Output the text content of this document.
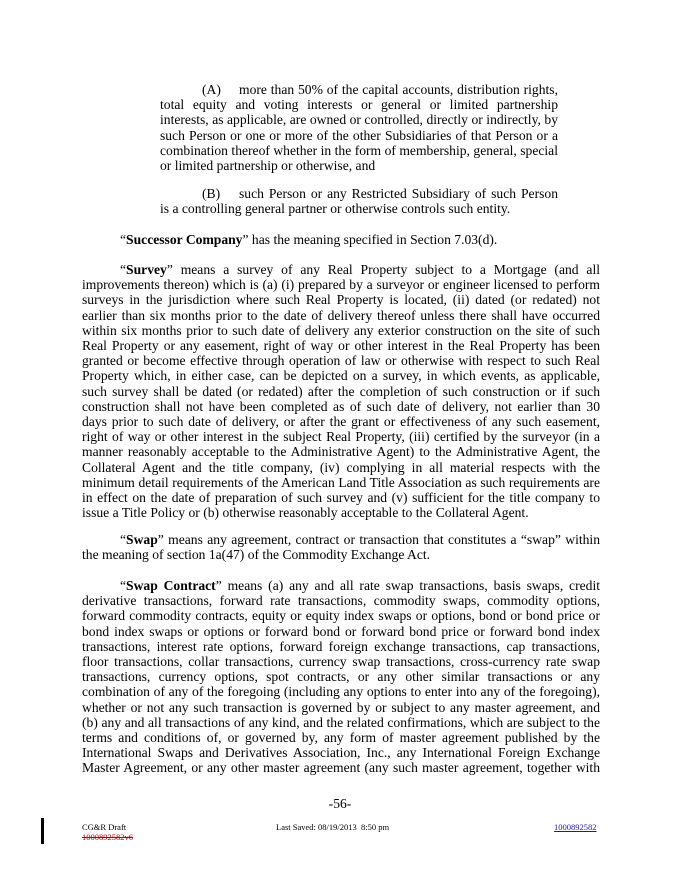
(A) more than 50% of the capital accounts, distribution rights,
total equity and voting interests or general or limited partnership
interests, as applicable, are owned or controlled, directly or indirectly, by
such Person or one or more of the other Subsidiaries of that Person or a
combination thereof whether in the form of membership, general, special
or limited partnership or otherwise, and
(B) such Person or any Restricted Subsidiary of such Person
is a controlling general partner or otherwise controls such entity.
“Successor Company” has the meaning specified in Section 7.03(d).
“Survey” means a survey of any Real Property subject to a Mortgage (and all
improvements thereon) which is (a) (i) prepared by a surveyor or engineer licensed to perform
surveys in the jurisdiction where such Real Property is located, (ii) dated (or redated) not
earlier than six months prior to the date of delivery thereof unless there shall have occurred
within six months prior to such date of delivery any exterior construction on the site of such
Real Property or any easement, right of way or other interest in the Real Property has been
granted or become effective through operation of law or otherwise with respect to such Real
Property which, in either case, can be depicted on a survey, in which events, as applicable,
such survey shall be dated (or redated) after the completion of such construction or if such
construction shall not have been completed as of such date of delivery, not earlier than 30
days prior to such date of delivery, or after the grant or effectiveness of any such easement,
right of way or other interest in the subject Real Property, (iii) certified by the surveyor (in a
manner reasonably acceptable to the Administrative Agent) to the Administrative Agent, the
Collateral Agent and the title company, (iv) complying in all material respects with the
minimum detail requirements of the American Land Title Association as such requirements are
in effect on the date of preparation of such survey and (v) sufficient for the title company to
issue a Title Policy or (b) otherwise reasonably acceptable to the Collateral Agent.
“Swap” means any agreement, contract or transaction that constitutes a “swap” within
the meaning of section 1a(47) of the Commodity Exchange Act.
“Swap Contract” means (a) any and all rate swap transactions, basis swaps, credit
derivative transactions, forward rate transactions, commodity swaps, commodity options,
forward commodity contracts, equity or equity index swaps or options, bond or bond price or
bond index swaps or options or forward bond or forward bond price or forward bond index
transactions, interest rate options, forward foreign exchange transactions, cap transactions,
floor transactions, collar transactions, currency swap transactions, cross-currency rate swap
transactions, currency options, spot contracts, or any other similar transactions or any
combination of any of the foregoing (including any options to enter into any of the foregoing),
whether or not any such transaction is governed by or subject to any master agreement, and
(b) any and all transactions of any kind, and the related confirmations, which are subject to the
terms and conditions of, or governed by, any form of master agreement published by the
International Swaps and Derivatives Association, Inc., any International Foreign Exchange
Master Agreement, or any other master agreement (any such master agreement, together with
-56-
CG&R Draft
1000892582v6
Last Saved: 08/19/2013  8:50 pm	1000892582
